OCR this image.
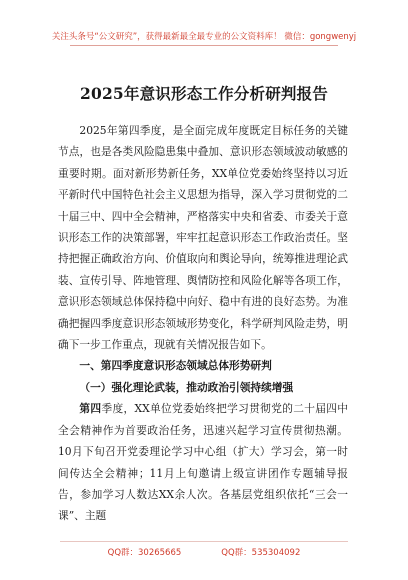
关注头条号“公文研究”，获得最新最全最专业的公文资料库！ 微信：gongwenyj
2025年意识形态工作分析研判报告

2025年第四季度，是全面完成年度既定目标任务的关键节点，也是各类风险隐患集中叠加、意识形态领域波动敏感的重要时期。面对新形势新任务，XX单位党委始终坚持以习近平新时代中国特色社会主义思想为指导，深入学习贯彻党的二十届三中、四中全会精神，严格落实中央和省委、市委关于意识形态工作的决策部署，牢牢扛起意识形态工作政治责任。坚持把握正确政治方向、价值取向和舆论导向，统筹推进理论武装、宣传引导、阵地管理、舆情防控和风险化解等各项工作，意识形态领域总体保持稳中向好、稳中有进的良好态势。为准确把握四季度意识形态领域形势变化，科学研判风险走势，明确下一步工作重点，现就有关情况报告如下。

一、第四季度意识形态领域总体形势研判

（一）强化理论武装，推动政治引领持续增强

第四季度，XX单位党委始终把学习贯彻党的二十届四中全会精神作为首要政治任务，迅速兴起学习宣传贯彻热潮。10月下旬召开党委理论学习中心组（扩大）学习会，第一时间传达全会精神；11月上旬邀请上级宣讲团作专题辅导报告，参加学习人数达XX余人次。各基层党组织依托“三会一课”、主题

QQ群：30265665	QQ群：535304092
